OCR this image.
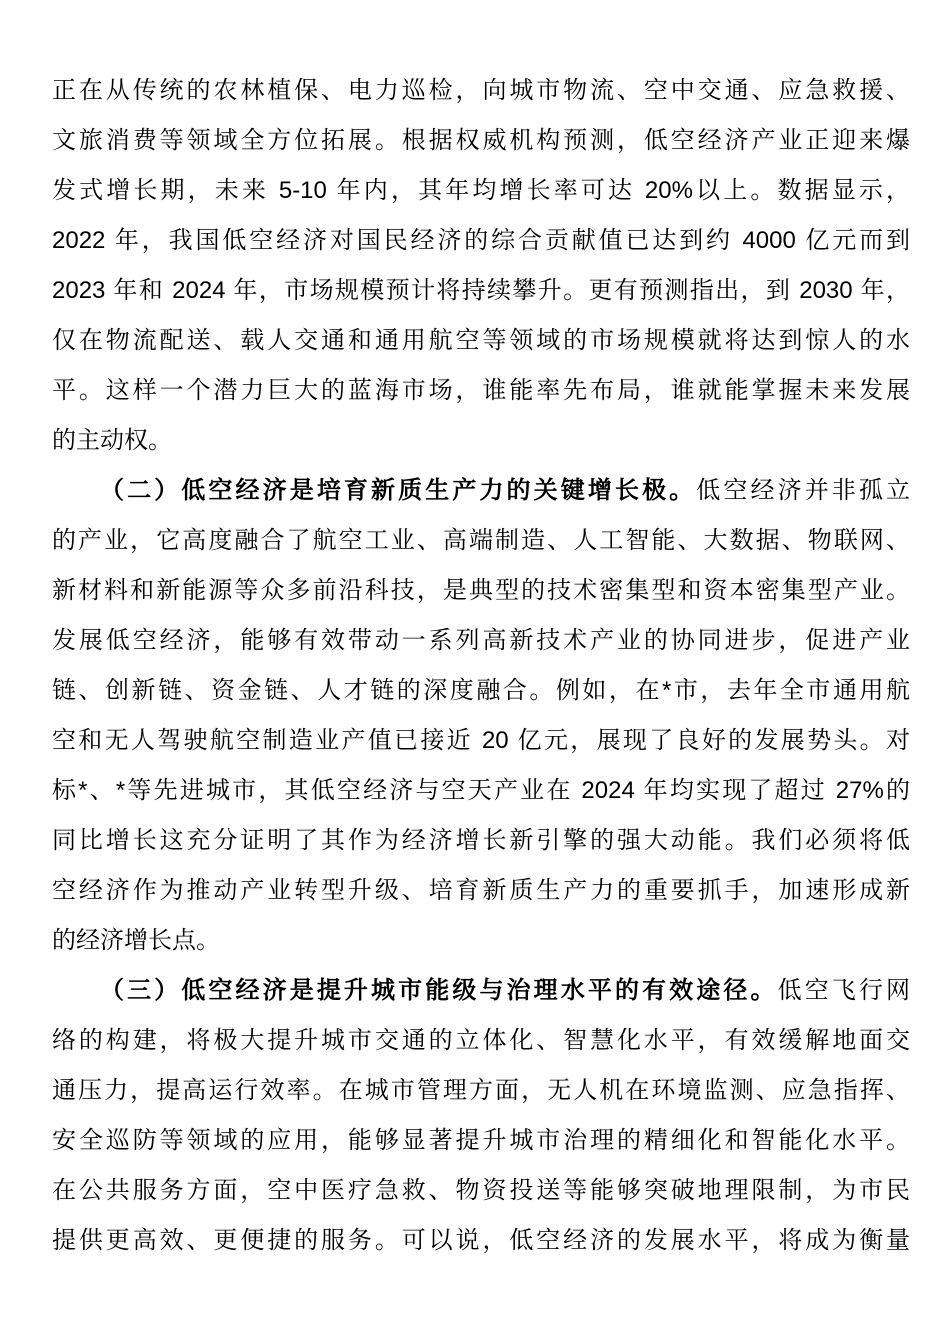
正在从传统的农林植保、电力巡检，向城市物流、空中交通、应急救援、
文旅消费等领域全方位拓展。根据权威机构预测，低空经济产业正迎来爆
发式增长期，未来 5-10 年内，其年均增长率可达 20%以上。数据显示，
2022 年，我国低空经济对国民经济的综合贡献值已达到约 4000 亿元而到
2023 年和 2024 年，市场规模预计将持续攀升。更有预测指出，到 2030 年，
仅在物流配送、载人交通和通用航空等领域的市场规模就将达到惊人的水
平。这样一个潜力巨大的蓝海市场，谁能率先布局，谁就能掌握未来发展
的主动权。
（二）低空经济是培育新质生产力的关键增长极。低空经济并非孤立
的产业，它高度融合了航空工业、高端制造、人工智能、大数据、物联网、
新材料和新能源等众多前沿科技，是典型的技术密集型和资本密集型产业。
发展低空经济，能够有效带动一系列高新技术产业的协同进步，促进产业
链、创新链、资金链、人才链的深度融合。例如，在*市，去年全市通用航
空和无人驾驶航空制造业产值已接近 20 亿元，展现了良好的发展势头。对
标*、*等先进城市，其低空经济与空天产业在 2024 年均实现了超过 27%的
同比增长这充分证明了其作为经济增长新引擎的强大动能。我们必须将低
空经济作为推动产业转型升级、培育新质生产力的重要抓手，加速形成新
的经济增长点。
（三）低空经济是提升城市能级与治理水平的有效途径。低空飞行网
络的构建，将极大提升城市交通的立体化、智慧化水平，有效缓解地面交
通压力，提高运行效率。在城市管理方面，无人机在环境监测、应急指挥、
安全巡防等领域的应用，能够显著提升城市治理的精细化和智能化水平。
在公共服务方面，空中医疗急救、物资投送等能够突破地理限制，为市民
提供更高效、更便捷的服务。可以说，低空经济的发展水平，将成为衡量
